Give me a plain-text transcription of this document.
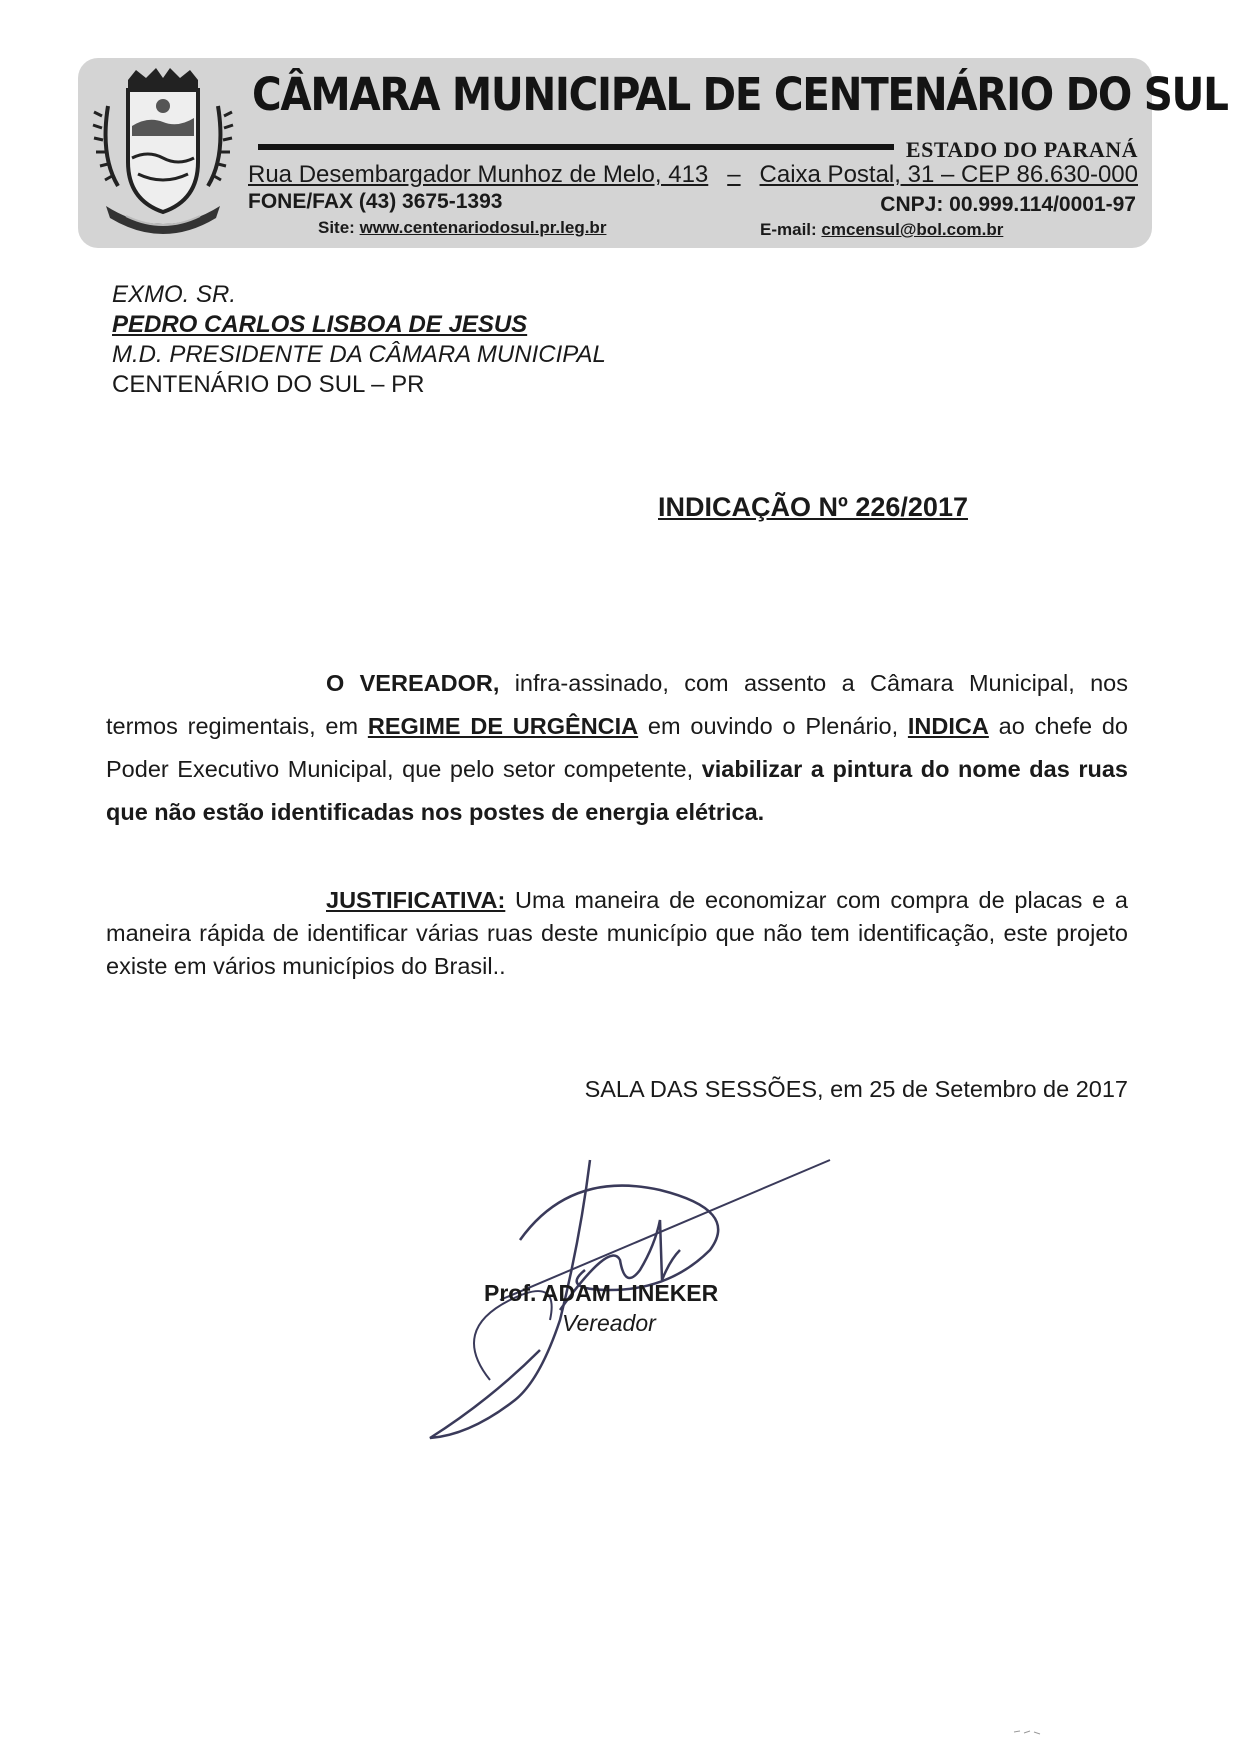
CÂMARA MUNICIPAL DE CENTENÁRIO DO SUL
ESTADO DO PARANÁ
Rua Desembargador Munhoz de Melo, 413 – Caixa Postal, 31 – CEP 86.630-000
FONE/FAX (43) 3675-1393	CNPJ: 00.999.114/0001-97
Site: www.centenariodosul.pr.leg.br	E-mail: cmcensul@bol.com.br
EXMO. SR.
PEDRO CARLOS LISBOA DE JESUS
M.D. PRESIDENTE DA CÂMARA MUNICIPAL
CENTENÁRIO DO SUL – PR
INDICAÇÃO Nº 226/2017
O VEREADOR, infra-assinado, com assento a Câmara Municipal, nos termos regimentais, em REGIME DE URGÊNCIA em ouvindo o Plenário, INDICA ao chefe do Poder Executivo Municipal, que pelo setor competente, viabilizar a pintura do nome das ruas que não estão identificadas nos postes de energia elétrica.
JUSTIFICATIVA: Uma maneira de economizar com compra de placas e a maneira rápida de identificar várias ruas deste município que não tem identificação, este projeto existe em vários municípios do Brasil..
SALA DAS SESSÕES, em 25 de Setembro de 2017
Prof. ADAM LINEKER
Vereador
